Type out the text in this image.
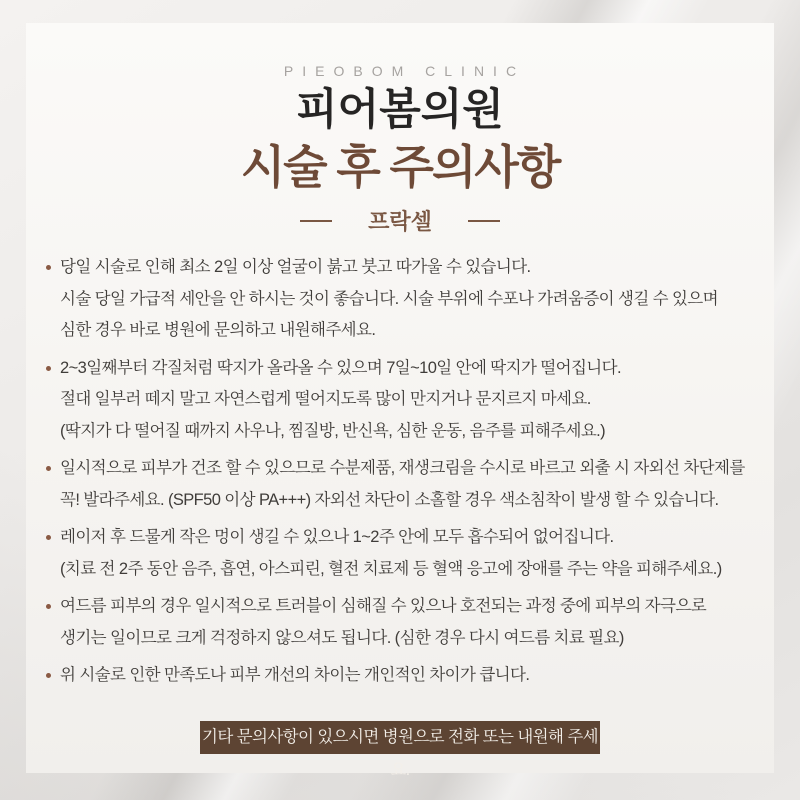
PIEOBOM CLINIC
피어봄의원
시술 후 주의사항
프락셀
당일 시술로 인해 최소 2일 이상 얼굴이 붉고 붓고 따가울 수 있습니다.
시술 당일 가급적 세안을 안 하시는 것이 좋습니다. 시술 부위에 수포나 가려움증이 생길 수 있으며
심한 경우 바로 병원에 문의하고 내원해주세요.
2~3일째부터 각질처럼 딱지가 올라올 수 있으며 7일~10일 안에 딱지가 떨어집니다.
절대 일부러 떼지 말고 자연스럽게 떨어지도록 많이 만지거나 문지르지 마세요.
(딱지가 다 떨어질 때까지 사우나, 찜질방, 반신욕, 심한 운동, 음주를 피해주세요.)
일시적으로 피부가 건조 할 수 있으므로 수분제품, 재생크림을 수시로 바르고 외출 시 자외선 차단제를
꼭! 발라주세요. (SPF50 이상 PA+++) 자외선 차단이 소홀할 경우 색소침착이 발생 할 수 있습니다.
레이저 후 드물게 작은 멍이 생길 수 있으나 1~2주 안에 모두 흡수되어 없어집니다.
(치료 전 2주 동안 음주, 흡연, 아스피린, 혈전 치료제 등 혈액 응고에 장애를 주는 약을 피해주세요.)
여드름 피부의 경우 일시적으로 트러블이 심해질 수 있으나 호전되는 과정 중에 피부의 자극으로
생기는 일이므로 크게 걱정하지 않으셔도 됩니다. (심한 경우 다시 여드름 치료 필요)
위 시술로 인한 만족도나 피부 개선의 차이는 개인적인 차이가 큽니다.
기타 문의사항이 있으시면 병원으로 전화 또는 내원해 주세요.
